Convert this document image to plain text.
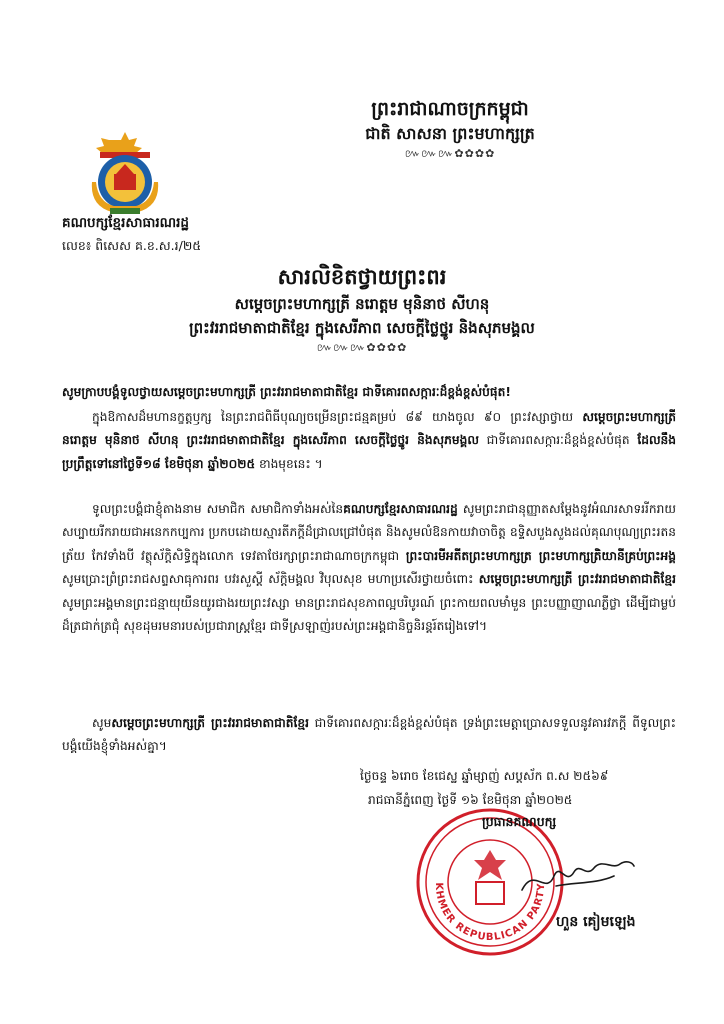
ព្រះរាជាណាចក្រកម្ពុជា
ជាតិ សាសនា ព្រះមហាក្សត្រ
៚៚៚✿✿✿✿
គណបក្សខ្មែរសាធារណរដ្ឋ
លេខ៖ ពិសេស គ.ខ.ស.រ/២៥
សារលិខិតថ្វាយព្រះពរ
សម្តេចព្រះមហាក្សត្រី នរោត្តម មុនិនាថ សីហនុ
ព្រះវររាជមាតាជាតិខ្មែរ ក្នុងសេរីភាព សេចក្តីថ្លៃថ្នូរ និងសុភមង្គល
៚៚៚✿✿✿✿
សូមក្រាបបង្គំទូលថ្វាយសម្តេចព្រះមហាក្សត្រី ព្រះវររាជមាតាជាតិខ្មែរ ជាទីគោរពសក្ការៈដ៏ខ្ពង់ខ្ពស់បំផុត!
ក្នុងឱកាសដ៏មហានក្ខត្តឫក្ស នៃព្រះរាជពិធីបុណ្យចម្រើនព្រះជន្មគម្រប់ ៨៩ យាងចូល ៩០ ព្រះវស្សាថ្វាយ សម្តេចព្រះមហាក្សត្រី នរោត្តម មុនិនាថ សីហនុ ព្រះវររាជមាតាជាតិខ្មែរ ក្នុងសេរីភាព សេចក្តីថ្លៃថ្នូរ និងសុភមង្គល ជាទីគោរពសក្ការៈដ៏ខ្ពង់ខ្ពស់បំផុត ដែលនឹងប្រព្រឹត្តទៅនៅថ្ងៃទី១៨ ខែមិថុនា ឆ្នាំ២០២៥ ខាងមុខនេះ ។
ទូលព្រះបង្គំជាខ្ញុំតាងនាម សមាជិក សមាជិកាទាំងអស់នៃគណបក្សខ្មែរសាធារណរដ្ឋ សូមព្រះរាជានុញ្ញាតសម្តែងនូវអំណរសាទររីករាយសប្បាយរីករាយជាអនេកកប្បការ ប្រកបដោយស្មារតីភក្តីដ៏ជ្រាលជ្រៅបំផុត និងសូមលំឱនកាយវាចាចិត្ត ឧទ្ទិសបួងសួងដល់គុណបុណ្យព្រះរតនត្រ័យ កែវទាំងបី វត្ថុស័ក្តិសិទ្ធិក្នុងលោក ទេវតាថែរក្សាព្រះរាជាណាចក្រកម្ពុជា ព្រះបារមីអតីតព្រះមហាក្សត្រ ព្រះមហាក្សត្រិយានីគ្រប់ព្រះអង្គ សូមប្រោះព្រំព្រះរាជសព្ទសាធុការពរ បវរសួស្តី ស័ក្តិមង្គល វិបុលសុខ មហាប្រសើរថ្វាយចំពោះ សម្តេចព្រះមហាក្សត្រី ព្រះវររាជមាតាជាតិខ្មែរ សូមព្រះអង្គមានព្រះជន្មាយុយឺនយូរជាងរយព្រះវស្សា មានព្រះរាជសុខភាពល្អបរិបូរណ៍ ព្រះកាយពលមាំមួន ព្រះបញ្ញាញាណភ្លឺថ្លា ដើម្បីជាម្លប់ដ៏ត្រជាក់ត្រជុំ សុខដុមរមនារបស់ប្រជារាស្ត្រខ្មែរ ជាទីស្រឡាញ់របស់ព្រះអង្គជានិច្ចនិរន្តរ៍តរៀងទៅ។
សូមសម្តេចព្រះមហាក្សត្រី ព្រះវររាជមាតាជាតិខ្មែរ ជាទីគោរពសក្ការៈដ៏ខ្ពង់ខ្ពស់បំផុត ទ្រង់ព្រះមេត្តាប្រោសទទួលនូវគារវភក្តី ពីទូលព្រះបង្គំយើងខ្ញុំទាំងអស់គ្នា។
ថ្ងៃចន្ទ ៦រោច ខែជេស្ឋ ឆ្នាំម្សាញ់ សប្តស័ក ព.ស ២៥៦៩
រាជធានីភ្នំពេញ ថ្ងៃទី ១៦ ខែមិថុនា ឆ្នាំ២០២៥
KHMER REPUBLICAN PARTY
ប្រធានគណបក្ស
ហួន គៀមឡេង
